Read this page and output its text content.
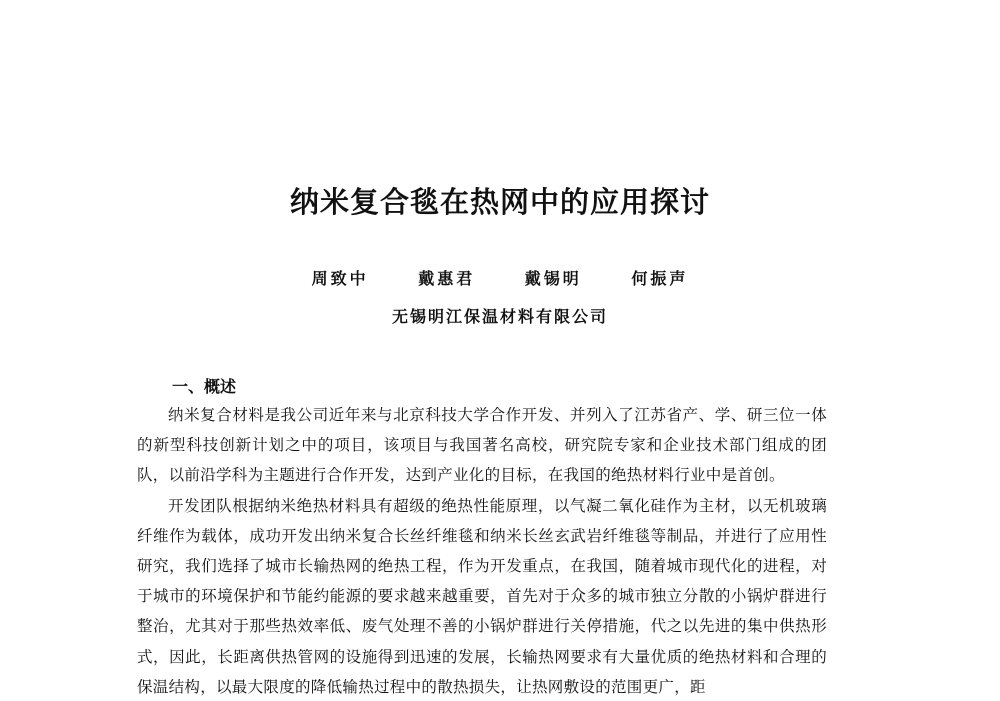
纳米复合毯在热网中的应用探讨
周致中	戴惠君	戴锡明	何振声
无锡明江保温材料有限公司
一、概述

纳米复合材料是我公司近年来与北京科技大学合作开发、并列入了江苏省产、学、研三位一体的新型科技创新计划之中的项目，该项目与我国著名高校，研究院专家和企业技术部门组成的团队，以前沿学科为主题进行合作开发，达到产业化的目标，在我国的绝热材料行业中是首创。

开发团队根据纳米绝热材料具有超级的绝热性能原理，以气凝二氧化硅作为主材，以无机玻璃纤维作为载体，成功开发出纳米复合长丝纤维毯和纳米长丝玄武岩纤维毯等制品，并进行了应用性研究，我们选择了城市长输热网的绝热工程，作为开发重点，在我国，随着城市现代化的进程，对于城市的环境保护和节能约能源的要求越来越重要，首先对于众多的城市独立分散的小锅炉群进行整治，尤其对于那些热效率低、废气处理不善的小锅炉群进行关停措施，代之以先进的集中供热形式，因此，长距离供热管网的设施得到迅速的发展，长输热网要求有大量优质的绝热材料和合理的保温结构，以最大限度的降低输热过程中的散热损失，让热网敷设的范围更广，距
